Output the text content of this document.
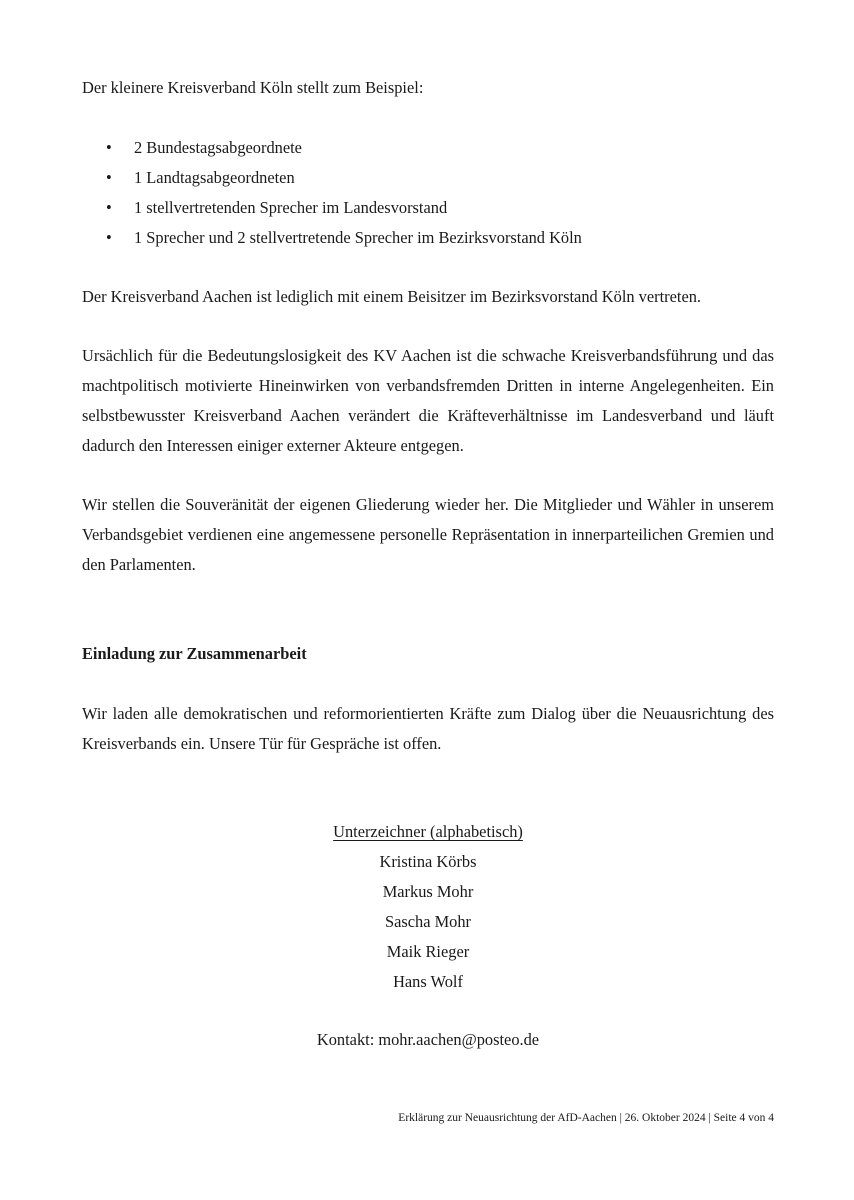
Der kleinere Kreisverband Köln stellt zum Beispiel:

• 2 Bundestagsabgeordnete
• 1 Landtagsabgeordneten
• 1 stellvertretenden Sprecher im Landesvorstand
• 1 Sprecher und 2 stellvertretende Sprecher im Bezirksvorstand Köln

Der Kreisverband Aachen ist lediglich mit einem Beisitzer im Bezirksvorstand Köln vertreten.

Ursächlich für die Bedeutungslosigkeit des KV Aachen ist die schwache Kreisverbandsführung und das machtpolitisch motivierte Hineinwirken von verbandsfremden Dritten in interne Angelegenheiten. Ein selbstbewusster Kreisverband Aachen verändert die Kräfteverhältnisse im Landesverband und läuft dadurch den Interessen einiger externer Akteure entgegen.

Wir stellen die Souveränität der eigenen Gliederung wieder her. Die Mitglieder und Wähler in unserem Verbandsgebiet verdienen eine angemessene personelle Repräsentation in innerparteilichen Gremien und den Parlamenten.

Einladung zur Zusammenarbeit

Wir laden alle demokratischen und reformorientierten Kräfte zum Dialog über die Neuausrichtung des Kreisverbands ein. Unsere Tür für Gespräche ist offen.

Unterzeichner (alphabetisch)
Kristina Körbs
Markus Mohr
Sascha Mohr
Maik Rieger
Hans Wolf

Kontakt: mohr.aachen@posteo.de

Erklärung zur Neuausrichtung der AfD-Aachen | 26. Oktober 2024 | Seite 4 von 4
